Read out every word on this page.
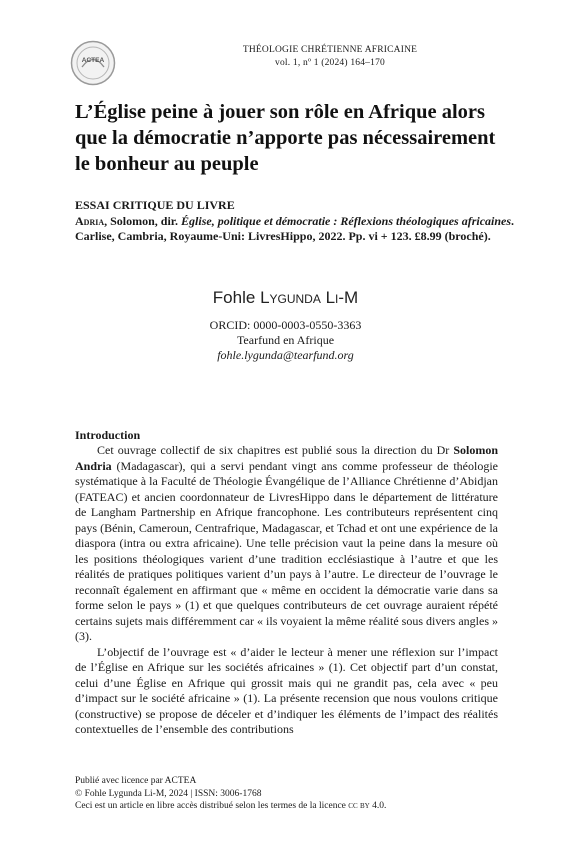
ACTEA
THÉOLOGIE CHRÉTIENNE AFRICAINE
vol. 1, nº 1 (2024) 164–170
L’Église peine à jouer son rôle en Afrique alors que la démocratie n’apporte pas nécessairement le bonheur au peuple
ESSAI CRITIQUE DU LIVRE
Adria, Solomon, dir. Église, politique et démocratie : Réflexions théologiques africaines. Carlise, Cambria, Royaume-Uni: LivresHippo, 2022. Pp. vi + 123. £8.99 (broché).
Fohle Lygunda Li-M
ORCID: 0000-0003-0550-3363
Tearfund en Afrique
fohle.lygunda@tearfund.org
Introduction

Cet ouvrage collectif de six chapitres est publié sous la direction du Dr Solomon Andria (Madagascar), qui a servi pendant vingt ans comme professeur de théologie systématique à la Faculté de Théologie Évangélique de l’Alliance Chrétienne d’Abidjan (FATEAC) et ancien coordonnateur de LivresHippo dans le département de littérature de Langham Partnership en Afrique francophone. Les contributeurs représentent cinq pays (Bénin, Cameroun, Centrafrique, Madagascar, et Tchad et ont une expérience de la diaspora (intra ou extra africaine). Une telle précision vaut la peine dans la mesure où les positions théologiques varient d’une tradition ecclésiastique à l’autre et que les réalités de pratiques politiques varient d’un pays à l’autre. Le directeur de l’ouvrage le reconnaît également en affirmant que « même en occident la démocratie varie dans sa forme selon le pays » (1) et que quelques contributeurs de cet ouvrage auraient répété certains sujets mais différemment car « ils voyaient la même réalité sous divers angles » (3).

L’objectif de l’ouvrage est « d’aider le lecteur à mener une réflexion sur l’impact de l’Église en Afrique sur les sociétés africaines » (1). Cet objectif part d’un constat, celui d’une Église en Afrique qui grossit mais qui ne grandit pas, cela avec « peu d’impact sur le société africaine » (1). La présente recension que nous voulons critique (constructive) se propose de déceler et d’indiquer les éléments de l’impact des réalités contextuelles de l’ensemble des contributions

Publié avec licence par ACTEA
© Fohle Lygunda Li-M, 2024 | ISSN: 3006-1768
Ceci est un article en libre accès distribué selon les termes de la licence cc by 4.0.
